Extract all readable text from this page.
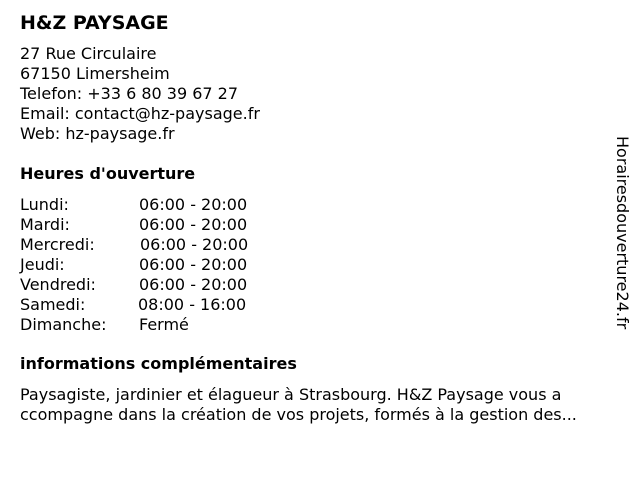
H&Z PAYSAGE
27 Rue Circulaire
67150 Limersheim
Telefon: +33 6 80 39 67 27
Email: contact@hz-paysage.fr
Web: hz-paysage.fr
Heures d'ouverture
Lundi:	06:00 - 20:00
Mardi:	06:00 - 20:00
Mercredi:	06:00 - 20:00
Jeudi:	06:00 - 20:00
Vendredi:	06:00 - 20:00
Samedi:	08:00 - 16:00
Dimanche: Fermé
informations complémentaires
Paysagiste, jardinier et élagueur à Strasbourg. H&Z Paysage vous a
ccompagne dans la création de vos projets, formés à la gestion des...
Horairesdouverture24.fr
